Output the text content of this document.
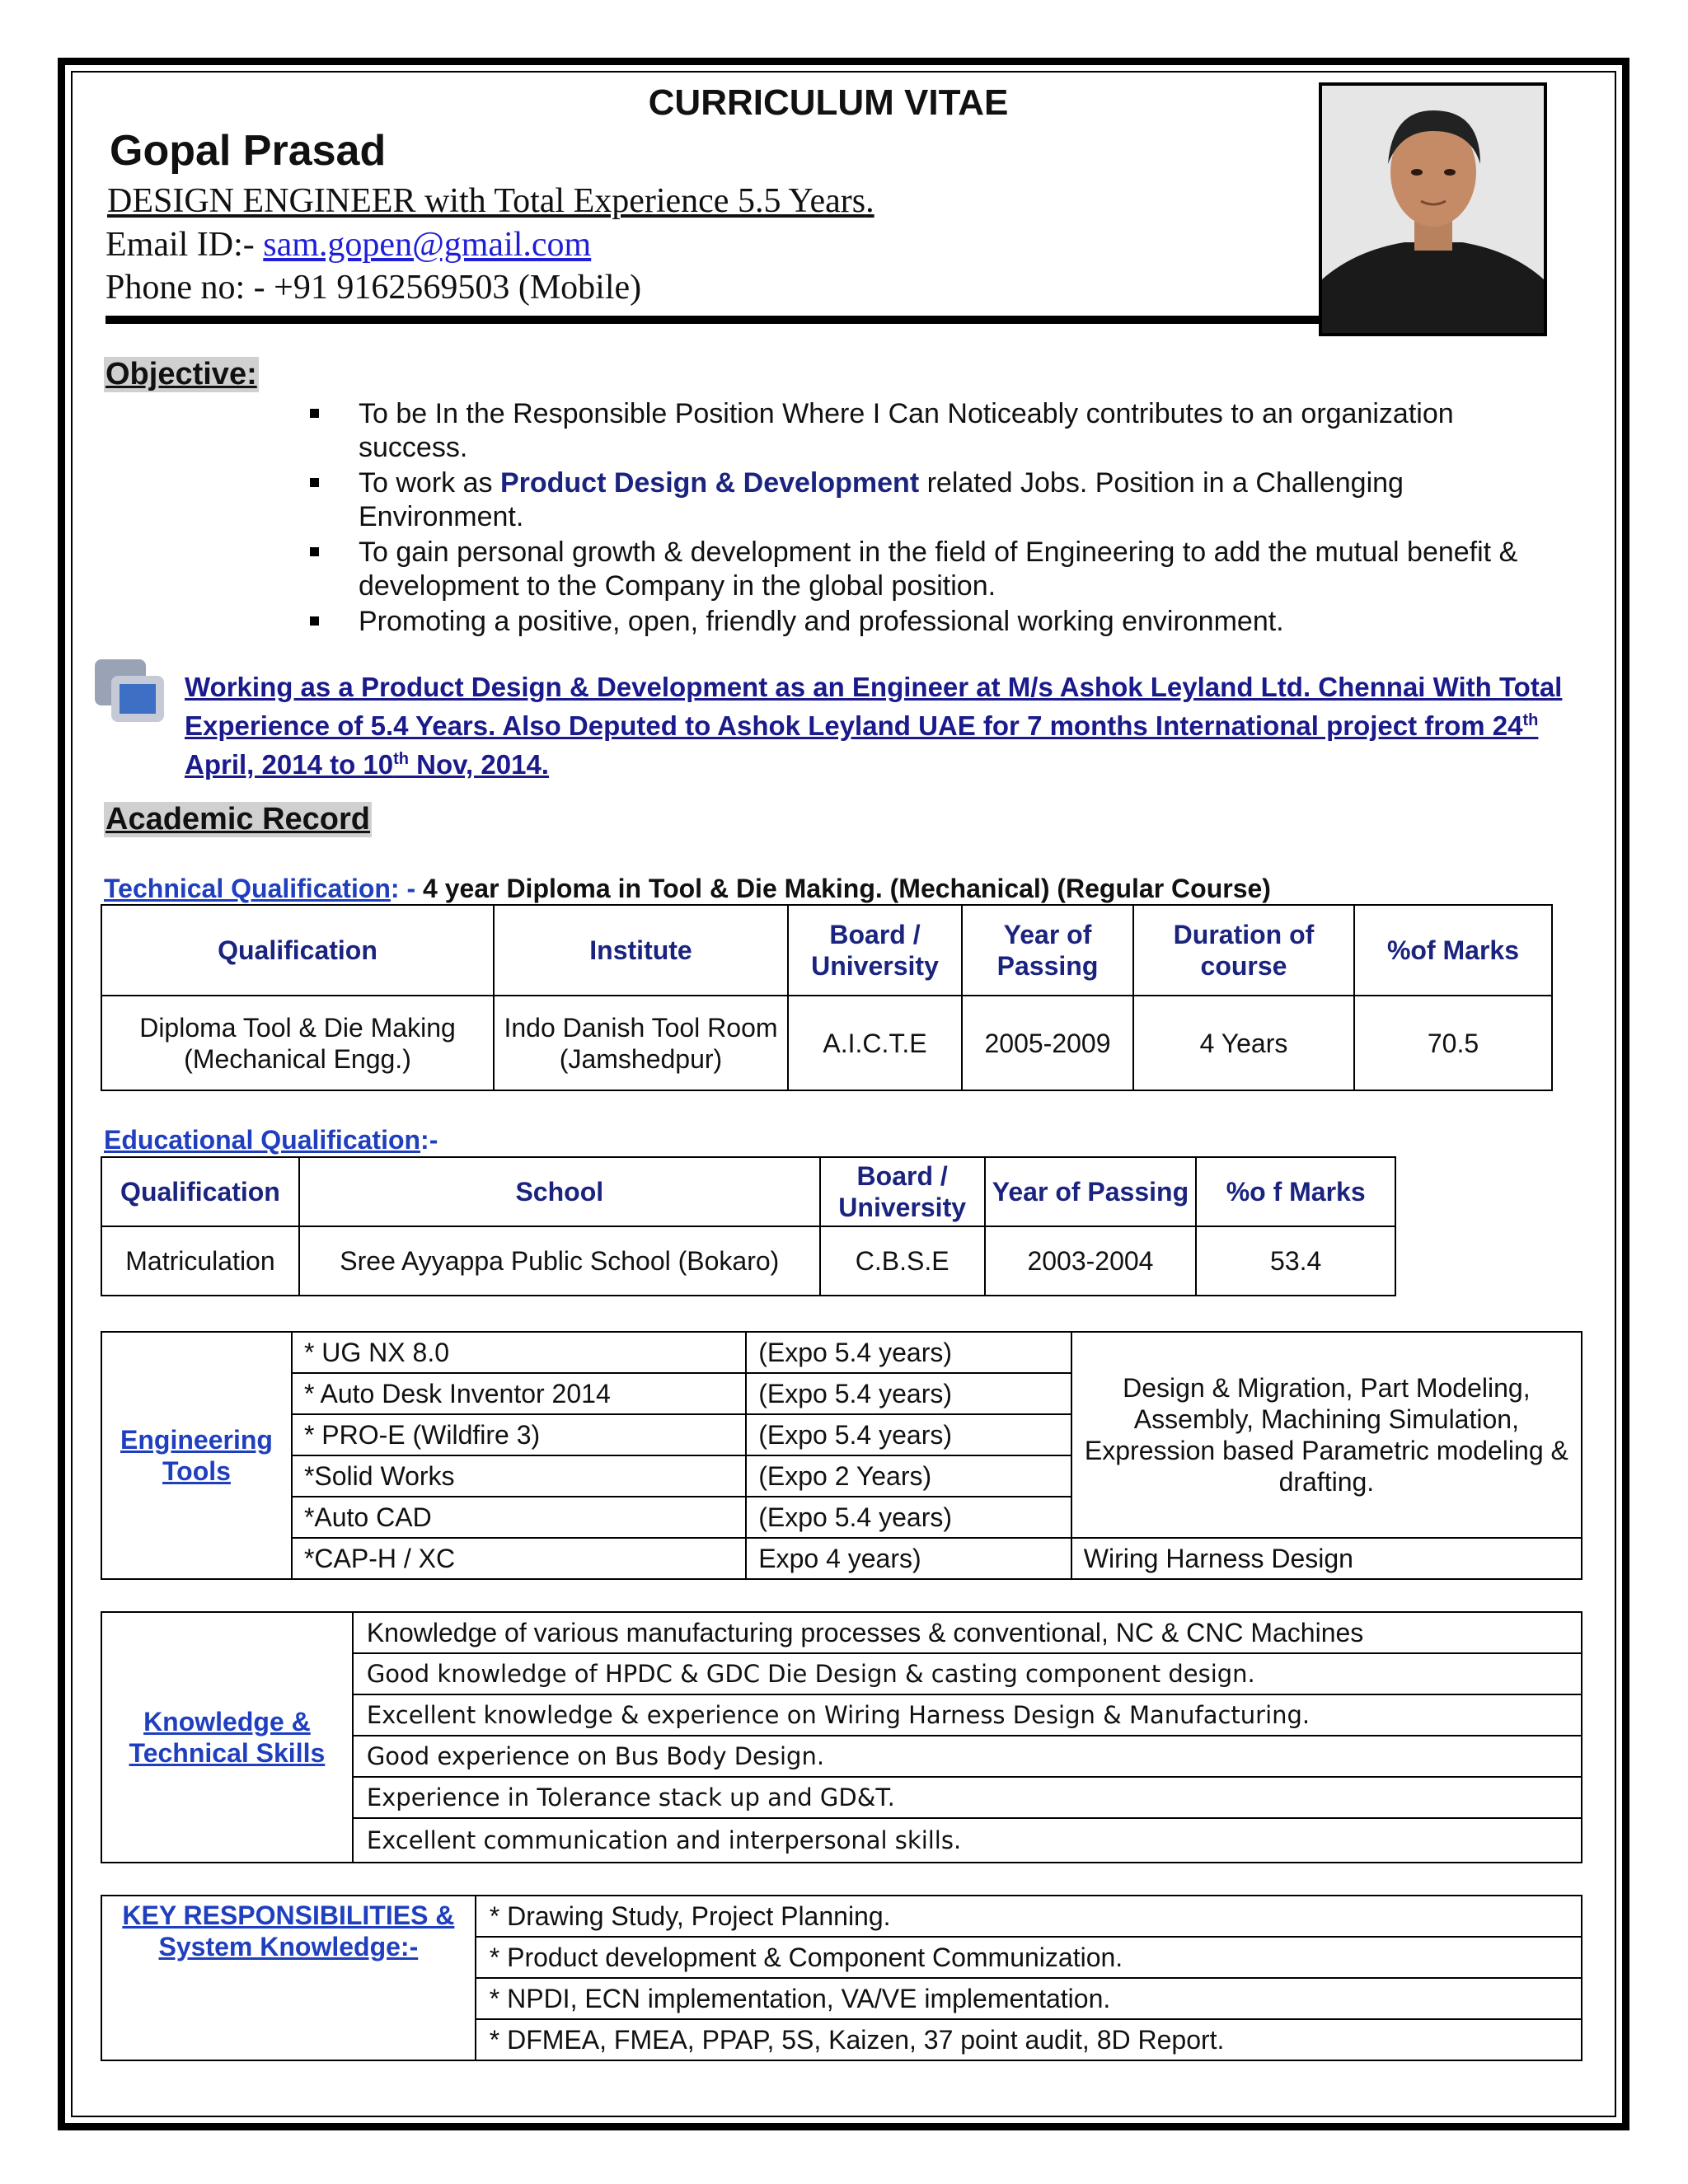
CURRICULUM VITAE
Gopal Prasad
DESIGN ENGINEER with Total Experience 5.5 Years.
Email ID:- sam.gopen@gmail.com
Phone no: - +91 9162569503 (Mobile)
Objective:
To be In the Responsible Position Where I Can Noticeably contributes to an organization success.
To work as Product Design & Development related Jobs. Position in a Challenging Environment.
To gain personal growth & development in the field of Engineering to add the mutual benefit & development to the Company in the global position.
Promoting a positive, open, friendly and professional working environment.
Working as a Product Design & Development as an Engineer at M/s Ashok Leyland Ltd. Chennai With Total Experience of 5.4 Years. Also Deputed to Ashok Leyland UAE for 7 months International project from 24th April, 2014 to 10th Nov, 2014.
Academic Record
Technical Qualification: - 4 year Diploma in Tool & Die Making. (Mechanical) (Regular Course)
Qualification	Institute	Board / University	Year of Passing	Duration of course	%of Marks
Diploma Tool & Die Making (Mechanical Engg.)	Indo Danish Tool Room (Jamshedpur)	A.I.C.T.E	2005-2009	4 Years	70.5
Educational Qualification:-
Qualification	School	Board / University	Year of Passing	%o f Marks
Matriculation	Sree Ayyappa Public School (Bokaro)	C.B.S.E	2003-2004	53.4
Engineering Tools	* UG NX 8.0	(Expo 5.4 years)	Design & Migration, Part Modeling, Assembly, Machining Simulation, Expression based Parametric modeling & drafting.
	* Auto Desk Inventor 2014	(Expo 5.4 years)	
	* PRO-E (Wildfire 3)	(Expo 5.4 years)	
	*Solid Works	(Expo 2 Years)	
	*Auto CAD	(Expo 5.4 years)	
	*CAP-H / XC	Expo 4 years)	Wiring Harness Design
Knowledge & Technical Skills	Knowledge of various manufacturing processes & conventional, NC & CNC Machines
Good knowledge of HPDC & GDC Die Design & casting component design.
Excellent knowledge & experience on Wiring Harness Design & Manufacturing.
Good experience on Bus Body Design.
Experience in Tolerance stack up and GD&T.
Excellent communication and interpersonal skills.
KEY RESPONSIBILITIES & System Knowledge:-	* Drawing Study, Project Planning.
* Product development & Component Communization.
* NPDI, ECN implementation, VA/VE implementation.
* DFMEA, FMEA, PPAP, 5S, Kaizen, 37 point audit, 8D Report.
